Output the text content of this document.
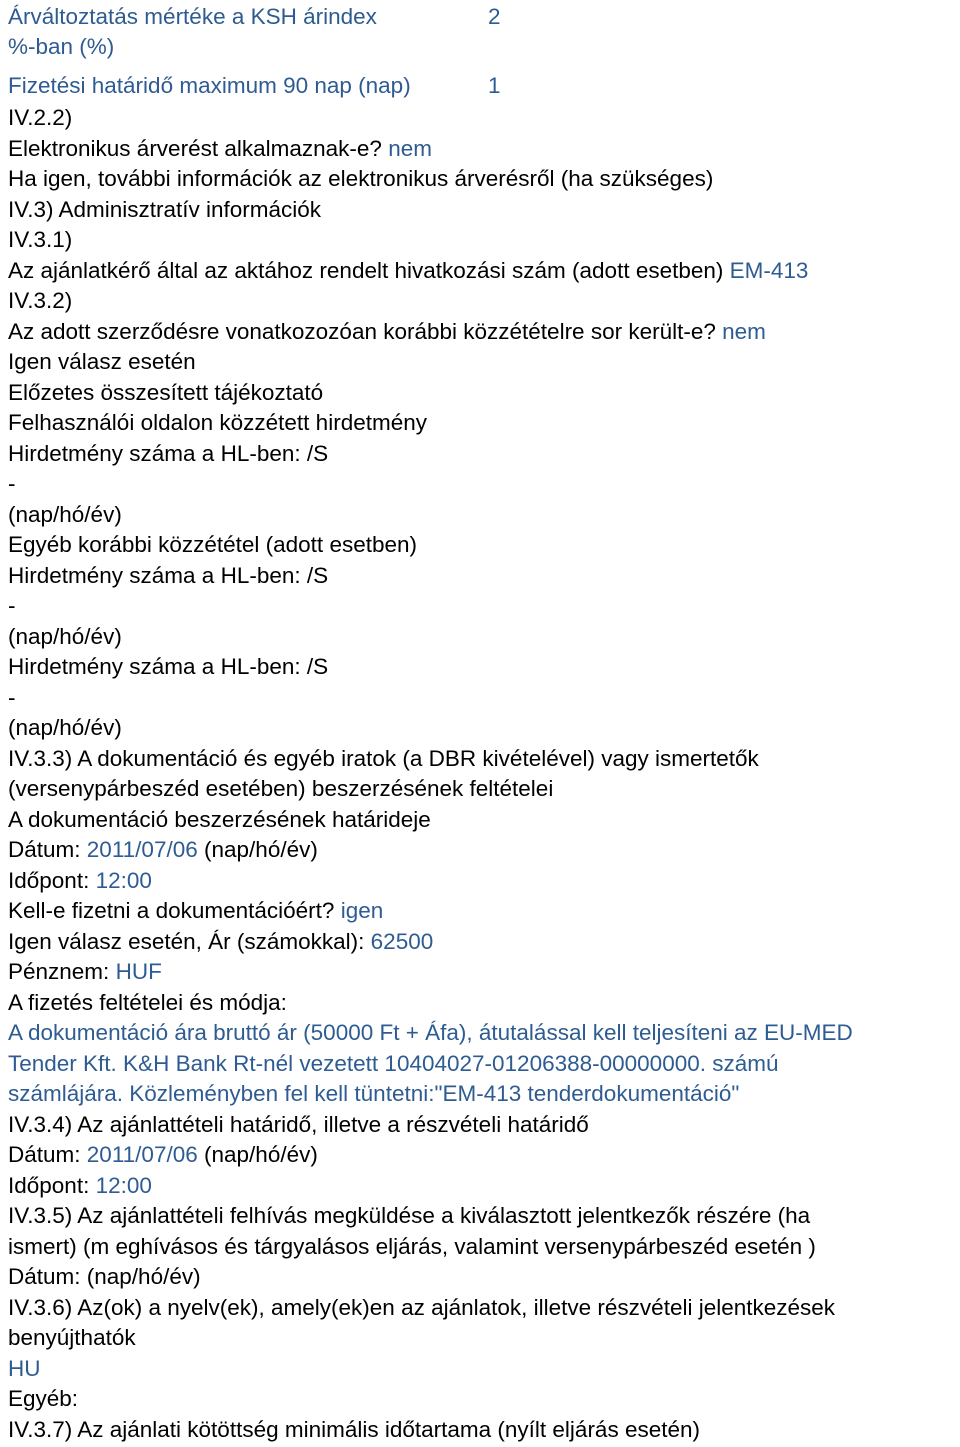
Árváltoztatás mértéke a KSH árindex	2
%-ban (%)
Fizetési határidő maximum 90 nap (nap)	1
IV.2.2)
Elektronikus árverést alkalmaznak-e? nem
Ha igen, további információk az elektronikus árverésről (ha szükséges)
IV.3) Adminisztratív információk
IV.3.1)
Az ajánlatkérő által az aktához rendelt hivatkozási szám (adott esetben) EM-413
IV.3.2)
Az adott szerződésre vonatkozozóan korábbi közzétételre sor került-e? nem
Igen válasz esetén
Előzetes összesített tájékoztató
Felhasználói oldalon közzétett hirdetmény
Hirdetmény száma a HL-ben: /S
-
(nap/hó/év)
Egyéb korábbi közzététel (adott esetben)
Hirdetmény száma a HL-ben: /S
-
(nap/hó/év)
Hirdetmény száma a HL-ben: /S
-
(nap/hó/év)
IV.3.3) A dokumentáció és egyéb iratok (a DBR kivételével) vagy ismertetők
(versenypárbeszéd esetében) beszerzésének feltételei
A dokumentáció beszerzésének határideje
Dátum: 2011/07/06 (nap/hó/év)
Időpont: 12:00
Kell-e fizetni a dokumentációért? igen
Igen válasz esetén, Ár (számokkal): 62500
Pénznem: HUF
A fizetés feltételei és módja:
A dokumentáció ára bruttó ár (50000 Ft + Áfa), átutalással kell teljesíteni az EU-MED
Tender Kft. K&H Bank Rt-nél vezetett 10404027-01206388-00000000. számú
számlájára. Közleményben fel kell tüntetni:"EM-413 tenderdokumentáció"
IV.3.4) Az ajánlattételi határidő, illetve a részvételi határidő
Dátum: 2011/07/06 (nap/hó/év)
Időpont: 12:00
IV.3.5) Az ajánlattételi felhívás megküldése a kiválasztott jelentkezők részére (ha
ismert) (m eghívásos és tárgyalásos eljárás, valamint versenypárbeszéd esetén )
Dátum: (nap/hó/év)
IV.3.6) Az(ok) a nyelv(ek), amely(ek)en az ajánlatok, illetve részvételi jelentkezések
benyújthatók
HU
Egyéb:
IV.3.7) Az ajánlati kötöttség minimális időtartama (nyílt eljárás esetén)
